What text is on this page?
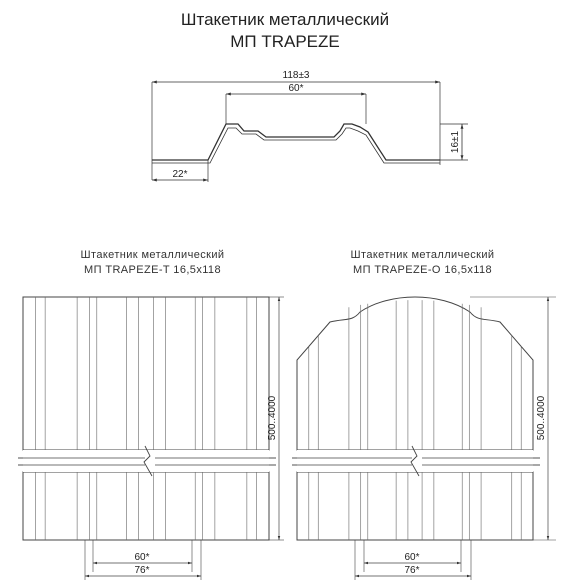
Штакетник металлический
МП TRAPEZE
Штакетник металлический
МП TRAPEZE-T 16,5x118
Штакетник металлический
МП TRAPEZE-O 16,5x118
118±3
60*
22*
16±1
500..4000
60*
76*
500..4000
60*
76*
